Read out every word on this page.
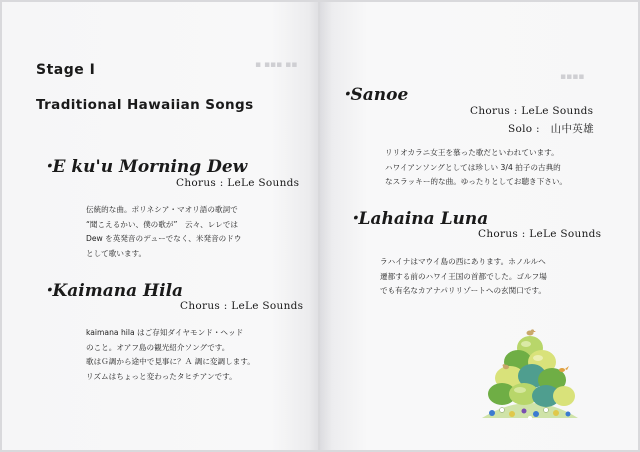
▪ ▪▪▪ ▪▪
▪▪▪▪
Stage Ⅰ
Traditional Hawaiian Songs
･E ku'u Morning Dew
Chorus : LeLe Sounds
伝統的な曲。ポリネシア・マオリ語の歌詞で
“聞こえるかい、僕の歌が”　云々、レレでは
Dew を英発音のデューでなく、米発音のドウ
として歌います。
･Kaimana Hila
Chorus : LeLe Sounds
kaimana hila はご存知ダイヤモンド・ヘッド
のこと。オアフ島の観光紹介ソングです。
歌はＧ調から途中で見事に？Ａ 調に変調します。
リズムはちょっと変わったタヒチアンです。
･Sanoe
Chorus : LeLe Sounds
Solo :　山中英雄
リリオカラニ女王を慕った歌だといわれています。
ハワイアンソングとしては珍しい 3/4 拍子の古典的
なスラッキー的な曲。ゆったりとしてお聴き下さい。
･Lahaina Luna
Chorus : LeLe Sounds
ラハイナはマウイ島の西にあります。ホノルルへ
遷都する前のハワイ王国の首都でした。ゴルフ場
でも有名なカアナパリリゾートへの玄関口です。
